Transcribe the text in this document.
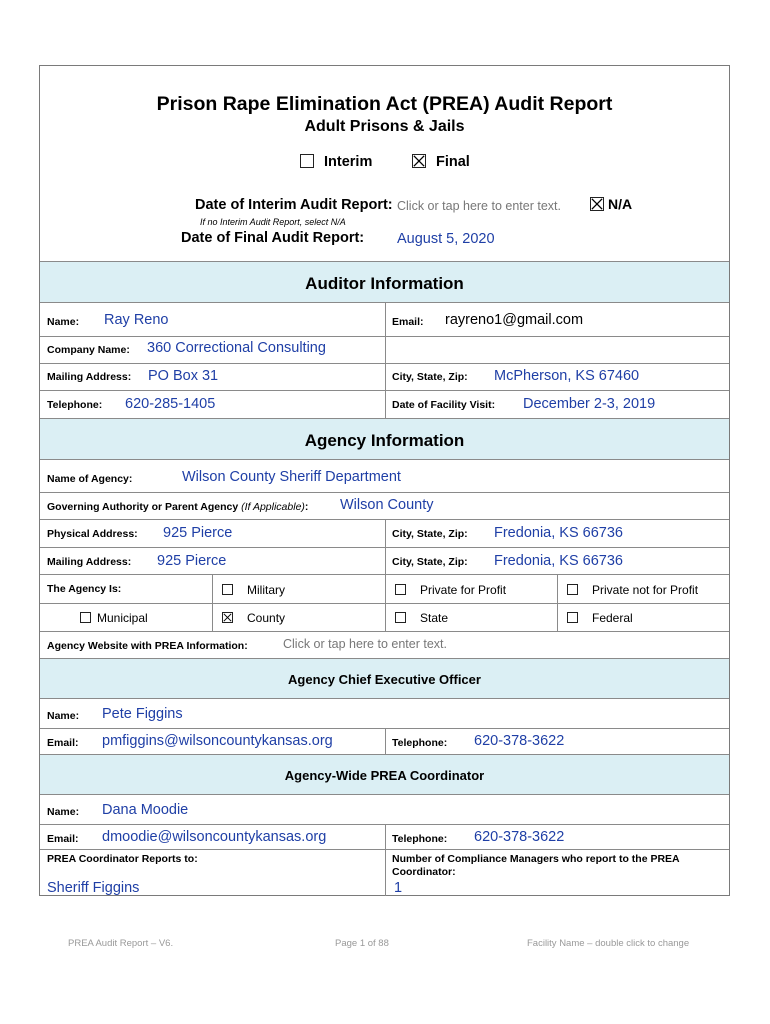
Prison Rape Elimination Act (PREA) Audit Report
Adult Prisons & Jails
Interim	Final
Date of Interim Audit Report: Click or tap here to enter text.	N/A
If no Interim Audit Report, select N/A
Date of Final Audit Report: August 5, 2020
Auditor Information
Name: Ray Reno	Email: rayreno1@gmail.com
Company Name: 360 Correctional Consulting
Mailing Address: PO Box 31	City, State, Zip: McPherson, KS 67460
Telephone: 620-285-1405	Date of Facility Visit: December 2-3, 2019
Agency Information
Name of Agency:	Wilson County Sheriff Department
Governing Authority or Parent Agency (If Applicable): Wilson County
Physical Address: 925 Pierce	City, State, Zip: Fredonia, KS 66736
Mailing Address: 925 Pierce	City, State, Zip: Fredonia, KS 66736
The Agency Is:	Military	Private for Profit	Private not for Profit
Municipal	County	State	Federal
Agency Website with PREA Information:	Click or tap here to enter text.
Agency Chief Executive Officer
Name: Pete Figgins
Email: pmfiggins@wilsoncountykansas.org	Telephone: 620-378-3622
Agency-Wide PREA Coordinator
Name: Dana Moodie
Email: dmoodie@wilsoncountykansas.org	Telephone: 620-378-3622
PREA Coordinator Reports to:
Sheriff Figgins
Number of Compliance Managers who report to the PREA
Coordinator:
1
PREA Audit Report – V6.	Page 1 of 88	Facility Name – double click to change
